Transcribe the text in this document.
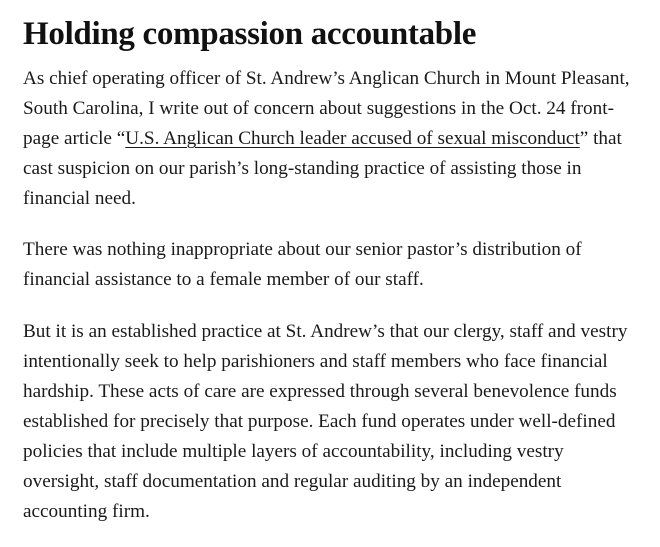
Holding compassion accountable

As chief operating officer of St. Andrew’s Anglican Church in Mount Pleasant, South Carolina, I write out of concern about suggestions in the Oct. 24 front-page article “U.S. Anglican Church leader accused of sexual misconduct” that cast suspicion on our parish’s long-standing practice of assisting those in financial need.

There was nothing inappropriate about our senior pastor’s distribution of financial assistance to a female member of our staff.

But it is an established practice at St. Andrew’s that our clergy, staff and vestry intentionally seek to help parishioners and staff members who face financial hardship. These acts of care are expressed through several benevolence funds established for precisely that purpose. Each fund operates under well-defined policies that include multiple layers of accountability, including vestry oversight, staff documentation and regular auditing by an independent accounting firm.
